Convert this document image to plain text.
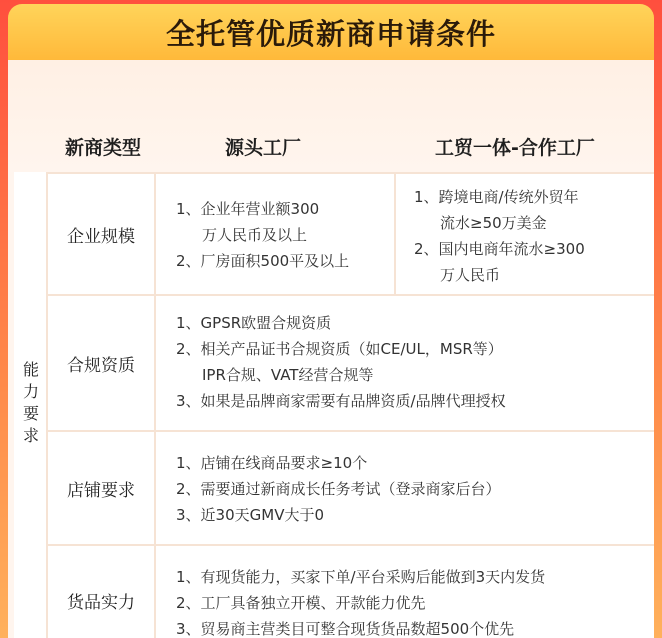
全托管优质新商申请条件
新商类型	源头工厂	工贸一体-合作工厂
能力要求
企业规模

1、企业年营业额300

万人民币及以上

2、厂房面积500平及以上

1、跨境电商/传统外贸年

流水≥50万美金

2、国内电商年流水≥300

万人民币

合规资质

1、GPSR欧盟合规资质

2、相关产品证书合规资质（如CE/UL，MSR等）

IPR合规、VAT经营合规等

3、如果是品牌商家需要有品牌资质/品牌代理授权

店铺要求

1、店铺在线商品要求≥10个

2、需要通过新商成长任务考试（登录商家后台）

3、近30天GMV大于0

货品实力

1、有现货能力，买家下单/平台采购后能做到3天内发货

2、工厂具备独立开模、开款能力优先

3、贸易商主营类目可整合现货货品数超500个优先
